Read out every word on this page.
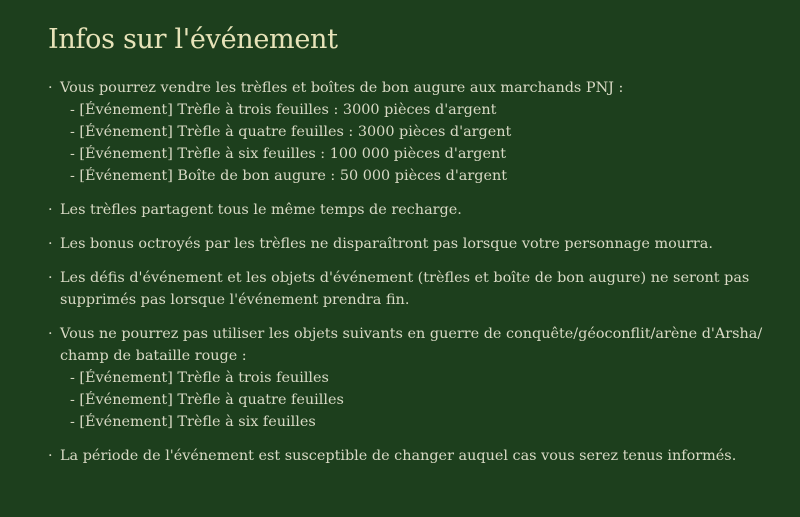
Infos sur l'événement
· Vous pourrez vendre les trèfles et boîtes de bon augure aux marchands PNJ :
- [Événement] Trèfle à trois feuilles : 3000 pièces d'argent
- [Événement] Trèfle à quatre feuilles : 3000 pièces d'argent
- [Événement] Trèfle à six feuilles : 100 000 pièces d'argent
- [Événement] Boîte de bon augure : 50 000 pièces d'argent
· Les trèfles partagent tous le même temps de recharge.
· Les bonus octroyés par les trèfles ne disparaîtront pas lorsque votre personnage mourra.
· Les défis d'événement et les objets d'événement (trèfles et boîte de bon augure) ne seront pas supprimés pas lorsque l'événement prendra fin.
· Vous ne pourrez pas utiliser les objets suivants en guerre de conquête/géoconflit/arène d'Arsha/ champ de bataille rouge :
- [Événement] Trèfle à trois feuilles
- [Événement] Trèfle à quatre feuilles
- [Événement] Trèfle à six feuilles
· La période de l'événement est susceptible de changer auquel cas vous serez tenus informés.
